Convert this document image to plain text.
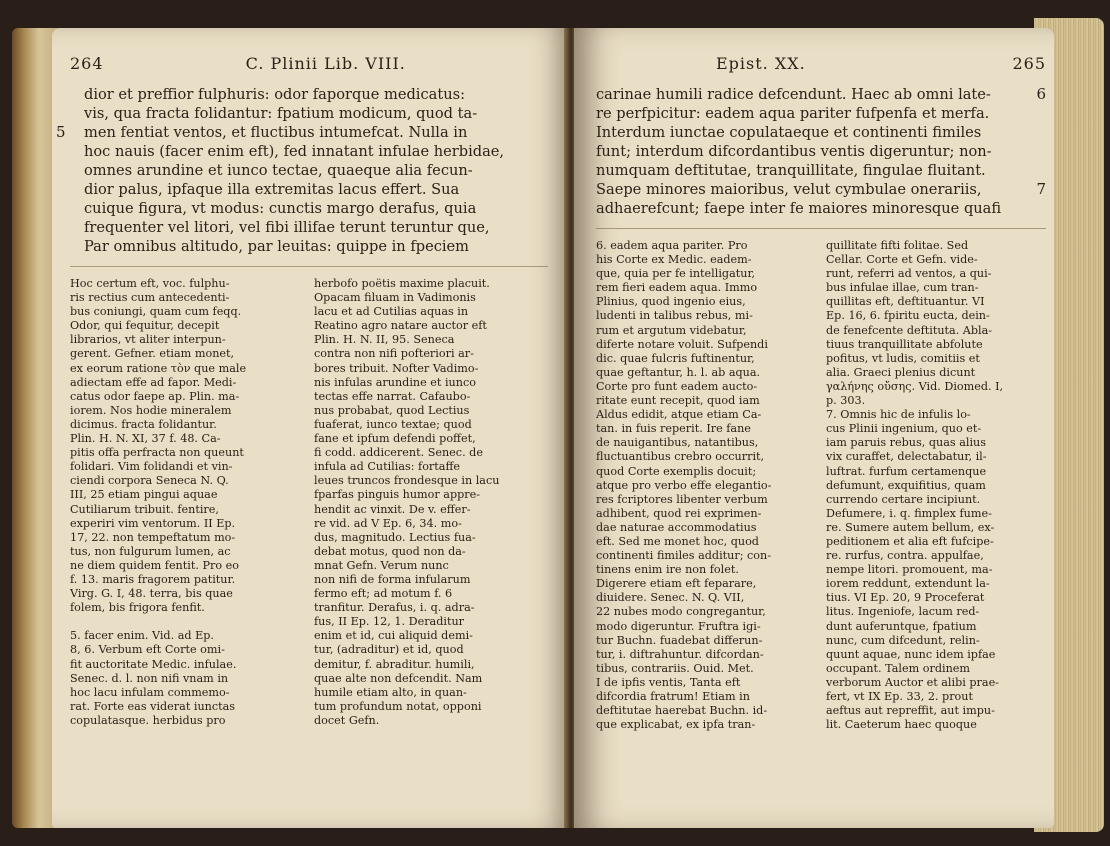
264	C. Plinii Lib. VIII.
dior et preffior fulphuris: odor faporque medicatus:
vis, qua fracta folidantur: fpatium modicum, quod ta-
men fentiat ventos, et fluctibus intumefcat. Nulla in
5
hoc nauis (facer enim eft), fed innatant infulae herbidae,
omnes arundine et iunco tectae, quaeque alia fecun-
dior palus, ipfaque illa extremitas lacus effert. Sua
cuique figura, vt modus: cunctis margo derafus, quia
frequenter vel litori, vel fibi illifae terunt teruntur que,
Par omnibus altitudo, par leuitas: quippe in fpeciem
Hoc certum eft, voc. fulphu-
ris rectius cum antecedenti-
bus coniungi, quam cum feqq.
Odor, qui fequitur, decepit
librarios, vt aliter interpun-
gerent. Gefner. etiam monet,
ex eorum ratione τὸν que male
adiectam effe ad fapor. Medi-
catus odor faepe ap. Plin. ma-
iorem. Nos hodie mineralem
dicimus. fracta folidantur.
Plin. H. N. XI, 37 f. 48. Ca-
pitis offa perfracta non queunt
folidari. Vim folidandi et vin-
ciendi corpora Seneca N. Q.
III, 25 etiam pingui aquae
Cutiliarum tribuit. fentire,
experiri vim ventorum. II Ep.
17, 22. non tempeftatum mo-
tus, non fulgurum lumen, ac
ne diem quidem fentit. Pro eo
f. 13. maris fragorem patitur.
Virg. G. I, 48. terra, bis quae
folem, bis frigora fenfit.

5. facer enim. Vid. ad Ep.
8, 6. Verbum eft Corte omi-
fit auctoritate Medic. infulae.
Senec. d. l. non nifi vnam in
hoc lacu infulam commemo-
rat. Forte eas viderat iunctas
copulatasque. herbidus pro
herbofo poëtis maxime placuit.
Opacam filuam in Vadimonis
lacu et ad Cutilias aquas in
Reatino agro natare auctor eft
Plin. H. N. II, 95. Seneca
contra non nifi pofteriori ar-
bores tribuit. Nofter Vadimo-
nis infulas arundine et iunco
tectas effe narrat. Cafaubo-
nus probabat, quod Lectius
fuaferat, iunco textae; quod
fane et ipfum defendi poffet,
fi codd. addicerent. Senec. de
infula ad Cutilias: fortaffe
leues truncos frondesque in lacu
fparfas pinguis humor appre-
hendit ac vinxit. De v. effer-
re vid. ad V Ep. 6, 34. mo-
dus, magnitudo. Lectius fua-
debat motus, quod non da-
mnat Gefn. Verum nunc
non nifi de forma infularum
fermo eft; ad motum f. 6
tranfitur. Derafus, i. q. adra-
fus, II Ep. 12, 1. Deraditur
enim et id, cui aliquid demi-
tur, (adraditur) et id, quod
demitur, f. abraditur. humili,
quae alte non defcendit. Nam
humile etiam alto, in quan-
tum profundum notat, opponi
docet Gefn.
Epist. XX.	265
carinae humili radice defcendunt. Haec ab omni late-	6
re perfpicitur: eadem aqua pariter fufpenfa et merfa.
Interdum iunctae copulataeque et continenti fimiles
funt; interdum difcordantibus ventis digeruntur; non-
numquam deftitutae, tranquillitate, fingulae fluitant.
Saepe minores maioribus, velut cymbulae onerariis,	7
adhaerefcunt; faepe inter fe maiores minoresque quafi
6. eadem aqua pariter. Pro
his Corte ex Medic. eadem-
que, quia per fe intelligatur,
rem fieri eadem aqua. Immo
Plinius, quod ingenio eius,
ludenti in talibus rebus, mi-
rum et argutum videbatur,
diferte notare voluit. Sufpendi
dic. quae fulcris fuftinentur,
quae geftantur, h. l. ab aqua.
Corte pro funt eadem aucto-
ritate eunt recepit, quod iam
Aldus edidit, atque etiam Ca-
tan. in fuis reperit. Ire fane
de nauigantibus, natantibus,
fluctuantibus crebro occurrit,
quod Corte exemplis docuit;
atque pro verbo effe elegantio-
res fcriptores libenter verbum
adhibent, quod rei exprimen-
dae naturae accommodatius
eft. Sed me monet hoc, quod
continenti fimiles additur; con-
tinens enim ire non folet.
Digerere etiam eft feparare,
diuidere. Senec. N. Q. VII,
22 nubes modo congregantur,
modo digeruntur. Fruftra igi-
tur Buchn. fuadebat differun-
tur, i. diftrahuntur. difcordan-
tibus, contrariis. Ouid. Met.
I de ipfis ventis, Tanta eft
difcordia fratrum! Etiam in
deftitutae haerebat Buchn. id-
que explicabat, ex ipfa tran-
quillitate fifti folitae. Sed
Cellar. Corte et Gefn. vide-
runt, referri ad ventos, a qui-
bus infulae illae, cum tran-
quillitas eft, deftituantur. VI
Ep. 16, 6. fpiritu eucta, dein-
de fenefcente deftituta. Abla-
tiuus tranquillitate abfolute
pofitus, vt ludis, comitiis et
alia. Graeci plenius dicunt
γαλήνης οὔσης. Vid. Diomed. I,
p. 303.
7. Omnis hic de infulis lo-
cus Plinii ingenium, quo et-
iam paruis rebus, quas alius
vix curaffet, delectabatur, il-
luftrat. furfum certamenque
defumunt, exquifitius, quam
currendo certare incipiunt.
Defumere, i. q. fimplex fume-
re. Sumere autem bellum, ex-
peditionem et alia eft fufcipe-
re. rurfus, contra. appulfae,
nempe litori. promouent, ma-
iorem reddunt, extendunt la-
tius. VI Ep. 20, 9 Proceferat
litus. Ingeniofe, lacum red-
dunt auferuntque, fpatium
nunc, cum difcedunt, relin-
quunt aquae, nunc idem ipfae
occupant. Talem ordinem
verborum Auctor et alibi prae-
fert, vt IX Ep. 33, 2. prout
aeftus aut repreffit, aut impu-
lit. Caeterum haec quoque
